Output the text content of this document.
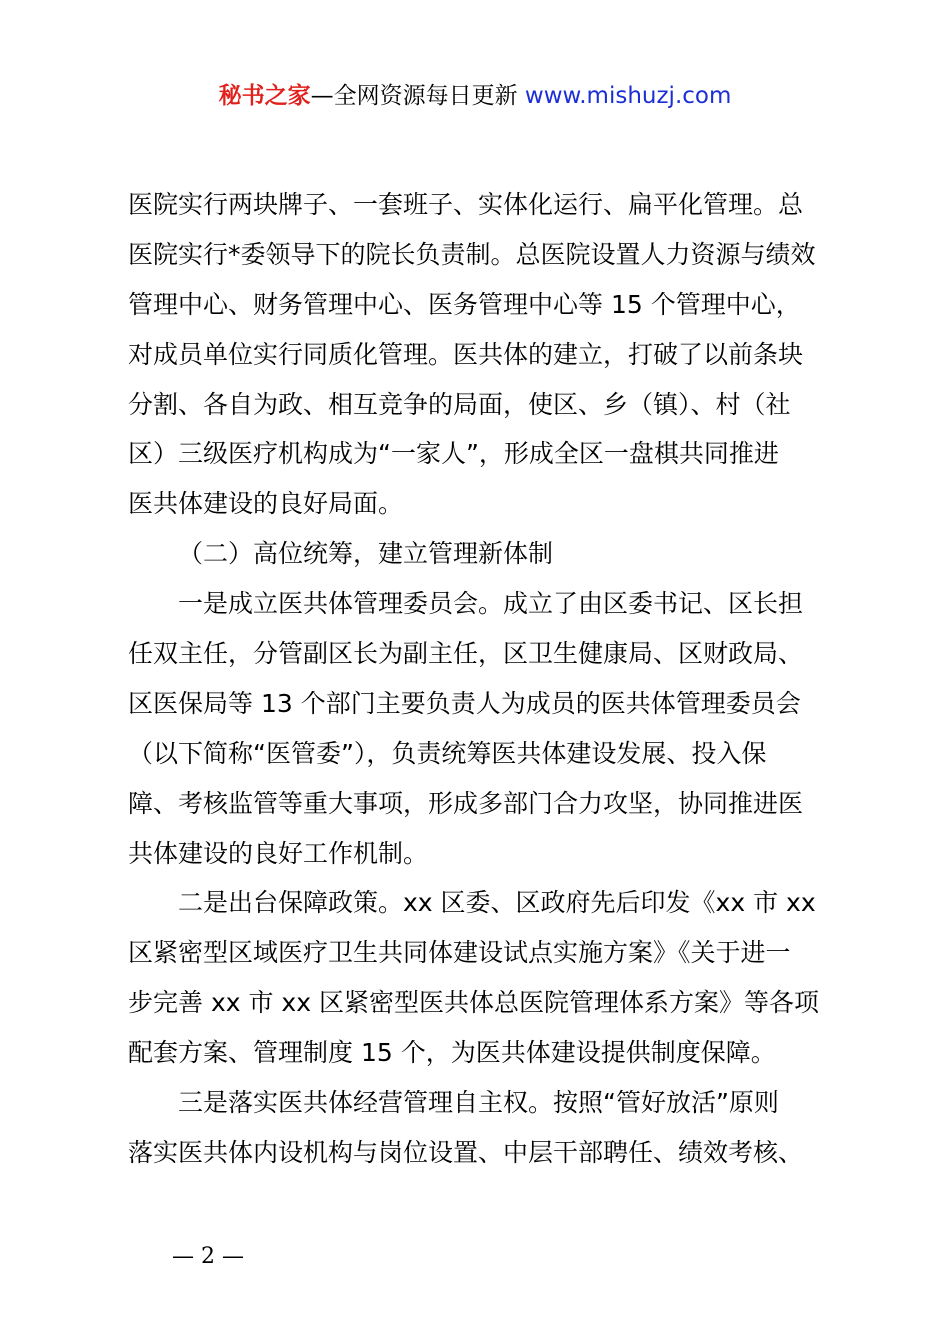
秘书之家—全网资源每日更新 www.mishuzj.com
医院实行两块牌子、一套班子、实体化运行、扁平化管理。总
医院实行*委领导下的院长负责制。总医院设置人力资源与绩效
管理中心、财务管理中心、医务管理中心等 15 个管理中心，
对成员单位实行同质化管理。医共体的建立，打破了以前条块
分割、各自为政、相互竞争的局面，使区、乡（镇）、村（社
区）三级医疗机构成为“一家人”，形成全区一盘棋共同推进
医共体建设的良好局面。
（二）高位统筹，建立管理新体制
一是成立医共体管理委员会。成立了由区委书记、区长担
任双主任，分管副区长为副主任，区卫生健康局、区财政局、
区医保局等 13 个部门主要负责人为成员的医共体管理委员会
（以下简称“医管委”），负责统筹医共体建设发展、投入保
障、考核监管等重大事项，形成多部门合力攻坚，协同推进医
共体建设的良好工作机制。
二是出台保障政策。xx 区委、区政府先后印发《xx 市 xx
区紧密型区域医疗卫生共同体建设试点实施方案》《关于进一
步完善 xx 市 xx 区紧密型医共体总医院管理体系方案》等各项
配套方案、管理制度 15 个，为医共体建设提供制度保障。
三是落实医共体经营管理自主权。按照“管好放活”原则
落实医共体内设机构与岗位设置、中层干部聘任、绩效考核、
— 2 —
